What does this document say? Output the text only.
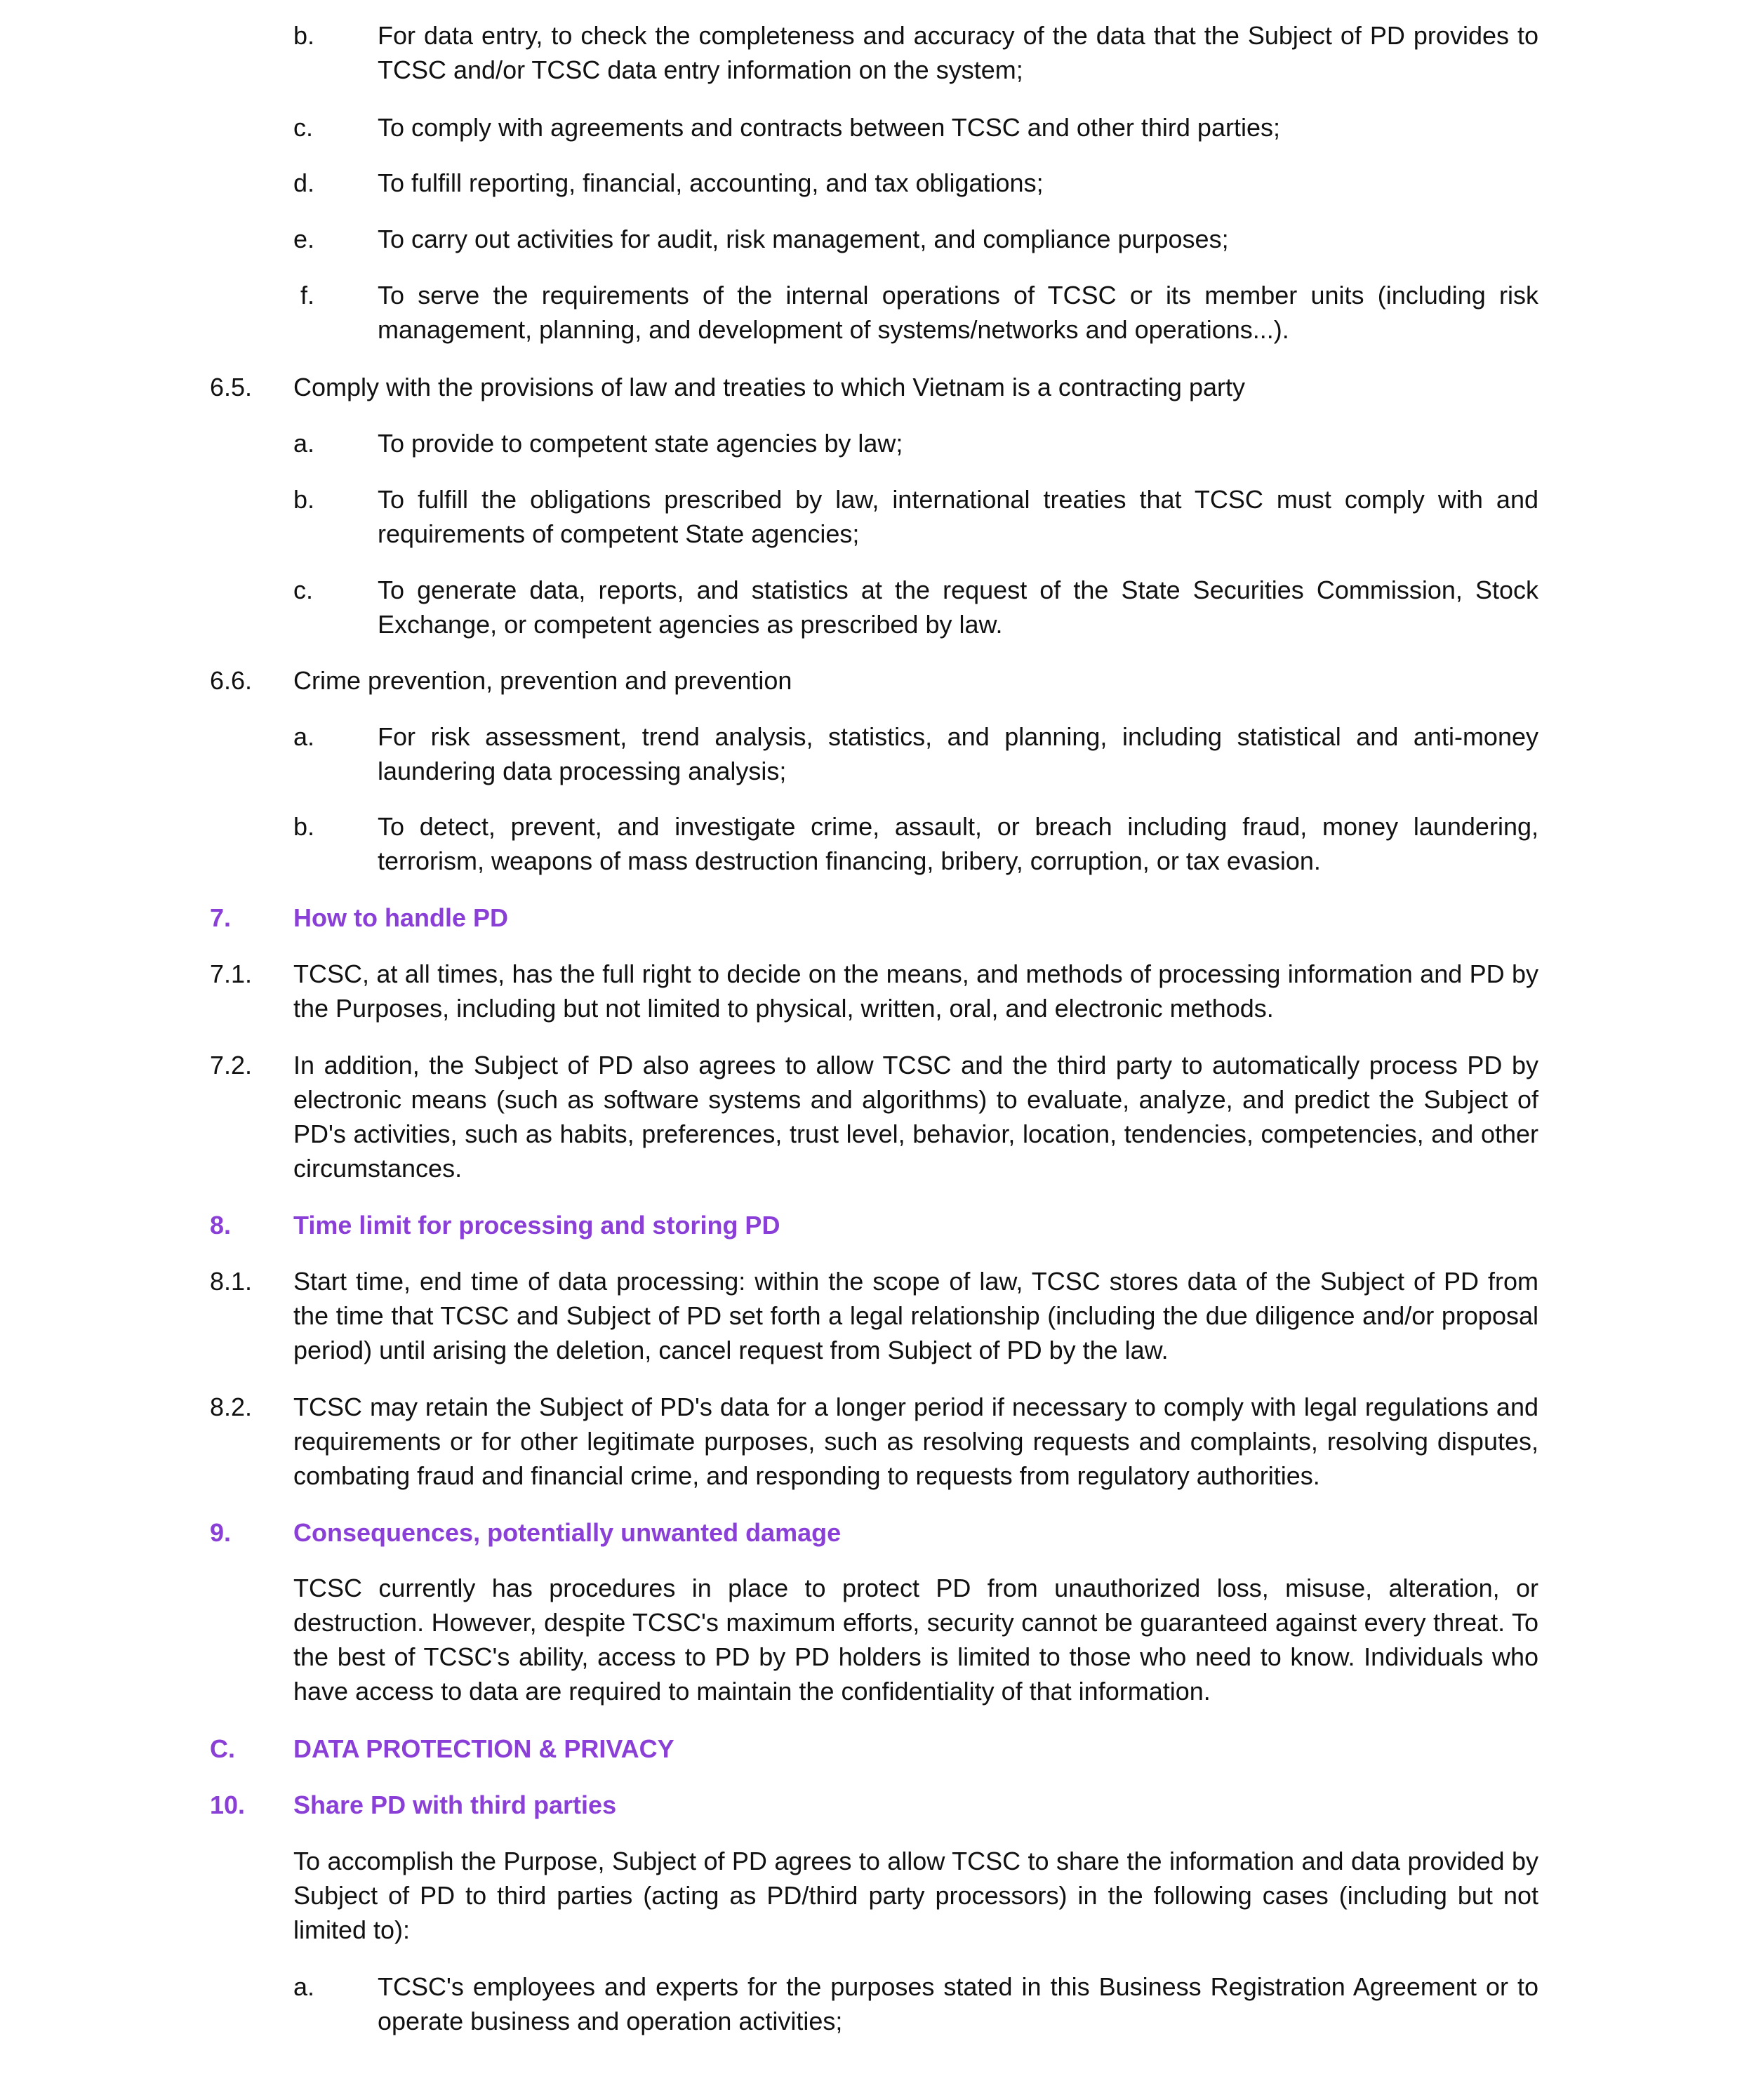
b.	For data entry, to check the completeness and accuracy of the data that the Subject of PD provides to TCSC and/or TCSC data entry information on the system;
c.	To comply with agreements and contracts between TCSC and other third parties;
d.	To fulfill reporting, financial, accounting, and tax obligations;
e.	To carry out activities for audit, risk management, and compliance purposes;
f.	To serve the requirements of the internal operations of TCSC or its member units (including risk management, planning, and development of systems/networks and operations...).
6.5.	Comply with the provisions of law and treaties to which Vietnam is a contracting party
a.	To provide to competent state agencies by law;
b.	To fulfill the obligations prescribed by law, international treaties that TCSC must comply with and requirements of competent State agencies;
c.	To generate data, reports, and statistics at the request of the State Securities Commission, Stock Exchange, or competent agencies as prescribed by law.
6.6.	Crime prevention, prevention and prevention
a.	For risk assessment, trend analysis, statistics, and planning, including statistical and anti-money laundering data processing analysis;
b.	To detect, prevent, and investigate crime, assault, or breach including fraud, money laundering, terrorism, weapons of mass destruction financing, bribery, corruption, or tax evasion.
7.	How to handle PD
7.1.	TCSC, at all times, has the full right to decide on the means, and methods of processing information and PD by the Purposes, including but not limited to physical, written, oral, and electronic methods.
7.2.	In addition, the Subject of PD also agrees to allow TCSC and the third party to automatically process PD by electronic means (such as software systems and algorithms) to evaluate, analyze, and predict the Subject of PD's activities, such as habits, preferences, trust level, behavior, location, tendencies, competencies, and other circumstances.
8.	Time limit for processing and storing PD
8.1.	Start time, end time of data processing: within the scope of law, TCSC stores data of the Subject of PD from the time that TCSC and Subject of PD set forth a legal relationship (including the due diligence and/or proposal period) until arising the deletion, cancel request from Subject of PD by the law.
8.2.	TCSC may retain the Subject of PD's data for a longer period if necessary to comply with legal regulations and requirements or for other legitimate purposes, such as resolving requests and complaints, resolving disputes, combating fraud and financial crime, and responding to requests from regulatory authorities.
9.	Consequences, potentially unwanted damage
TCSC currently has procedures in place to protect PD from unauthorized loss, misuse, alteration, or destruction. However, despite TCSC's maximum efforts, security cannot be guaranteed against every threat. To the best of TCSC's ability, access to PD by PD holders is limited to those who need to know. Individuals who have access to data are required to maintain the confidentiality of that information.
C.	DATA PROTECTION & PRIVACY
10.	Share PD with third parties
To accomplish the Purpose, Subject of PD agrees to allow TCSC to share the information and data provided by Subject of PD to third parties (acting as PD/third party processors) in the following cases (including but not limited to):
a.	TCSC's employees and experts for the purposes stated in this Business Registration Agreement or to operate business and operation activities;
